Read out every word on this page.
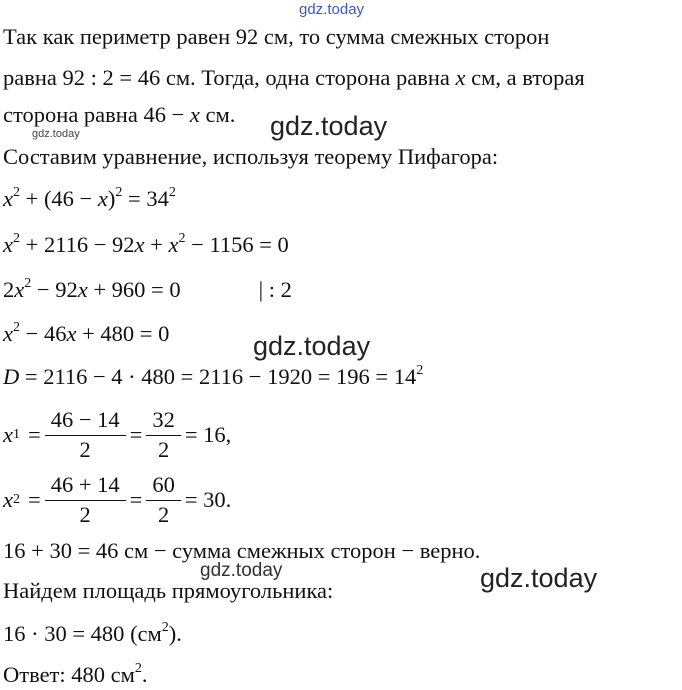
gdz.today
gdz.today	gdz.today
gdz.today
gdz.today	gdz.today
Так как периметр равен 92 см, то сумма смежных сторон
равна 92 : 2 = 46 см. Тогда, одна сторона равна x см, а вторая
сторона равна 46 − x см.
Составим уравнение, используя теорему Пифагора:
$x^2 + (46 - x)^2 = 34^2$
$x^2 + 2116 - 92x + x^2 - 1156 = 0$
$2x^2 - 92x + 960 = 0$	| : 2
$x^2 - 46x + 480 = 0$
$D = 2116 - 4 \cdot 480 = 2116 - 1920 = 196 = 14^2$
x $1 = \frac{46 - 14}{2} = \frac{32}{2} = 16$,
x $2 = \frac{46 + 14}{2} = \frac{60}{2} = 30$.
16 + 30 = 46 см − сумма смежных сторон − верно.
Найдем площадь прямоугольника:
16 · 30 = 480 $(см^2)$.
Ответ: 480 $см^2$.
